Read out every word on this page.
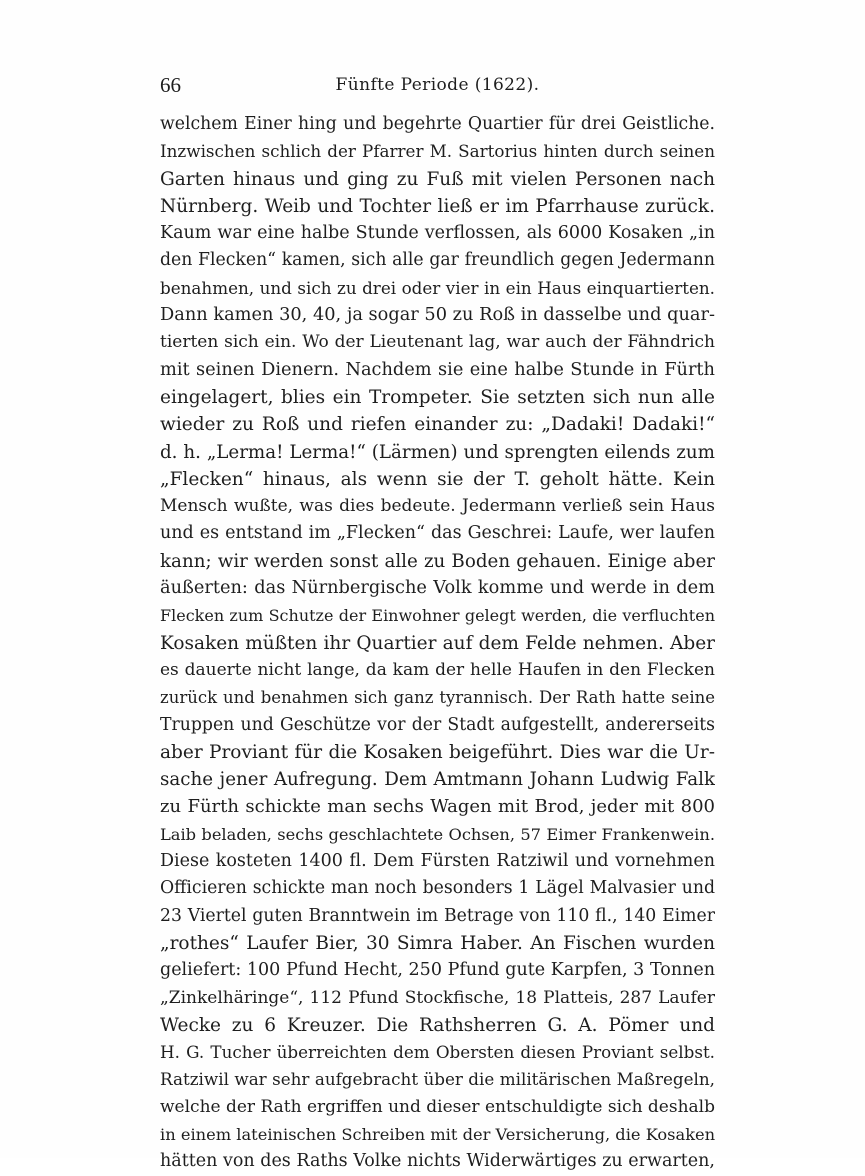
66	Fünfte Periode (1622).
welchem Einer hing und begehrte Quartier für drei Geistliche.
Inzwischen schlich der Pfarrer M. Sartorius hinten durch seinen
Garten hinaus und ging zu Fuß mit vielen Personen nach
Nürnberg. Weib und Tochter ließ er im Pfarrhause zurück.
Kaum war eine halbe Stunde verflossen, als 6000 Kosaken „in
den Flecken“ kamen, sich alle gar freundlich gegen Jedermann
benahmen, und sich zu drei oder vier in ein Haus einquartierten.
Dann kamen 30, 40, ja sogar 50 zu Roß in dasselbe und quar-
tierten sich ein. Wo der Lieutenant lag, war auch der Fähndrich
mit seinen Dienern. Nachdem sie eine halbe Stunde in Fürth
eingelagert, blies ein Trompeter. Sie setzten sich nun alle
wieder zu Roß und riefen einander zu: „Dadaki! Dadaki!“
d. h. „Lerma! Lerma!“ (Lärmen) und sprengten eilends zum
„Flecken“ hinaus, als wenn sie der T. geholt hätte. Kein
Mensch wußte, was dies bedeute. Jedermann verließ sein Haus
und es entstand im „Flecken“ das Geschrei: Laufe, wer laufen
kann; wir werden sonst alle zu Boden gehauen. Einige aber
äußerten: das Nürnbergische Volk komme und werde in dem
Flecken zum Schutze der Einwohner gelegt werden, die verfluchten
Kosaken müßten ihr Quartier auf dem Felde nehmen. Aber
es dauerte nicht lange, da kam der helle Haufen in den Flecken
zurück und benahmen sich ganz tyrannisch. Der Rath hatte seine
Truppen und Geschütze vor der Stadt aufgestellt, andererseits
aber Proviant für die Kosaken beigeführt. Dies war die Ur-
sache jener Aufregung. Dem Amtmann Johann Ludwig Falk
zu Fürth schickte man sechs Wagen mit Brod, jeder mit 800
Laib beladen, sechs geschlachtete Ochsen, 57 Eimer Frankenwein.
Diese kosteten 1400 fl. Dem Fürsten Ratziwil und vornehmen
Officieren schickte man noch besonders 1 Lägel Malvasier und
23 Viertel guten Branntwein im Betrage von 110 fl., 140 Eimer
„rothes“ Laufer Bier, 30 Simra Haber. An Fischen wurden
geliefert: 100 Pfund Hecht, 250 Pfund gute Karpfen, 3 Tonnen
„Zinkelhäringe“, 112 Pfund Stockfische, 18 Platteis, 287 Laufer
Wecke zu 6 Kreuzer. Die Rathsherren G. A. Pömer und
H. G. Tucher überreichten dem Obersten diesen Proviant selbst.
Ratziwil war sehr aufgebracht über die militärischen Maßregeln,
welche der Rath ergriffen und dieser entschuldigte sich deshalb
in einem lateinischen Schreiben mit der Versicherung, die Kosaken
hätten von des Raths Volke nichts Widerwärtiges zu erwarten,
